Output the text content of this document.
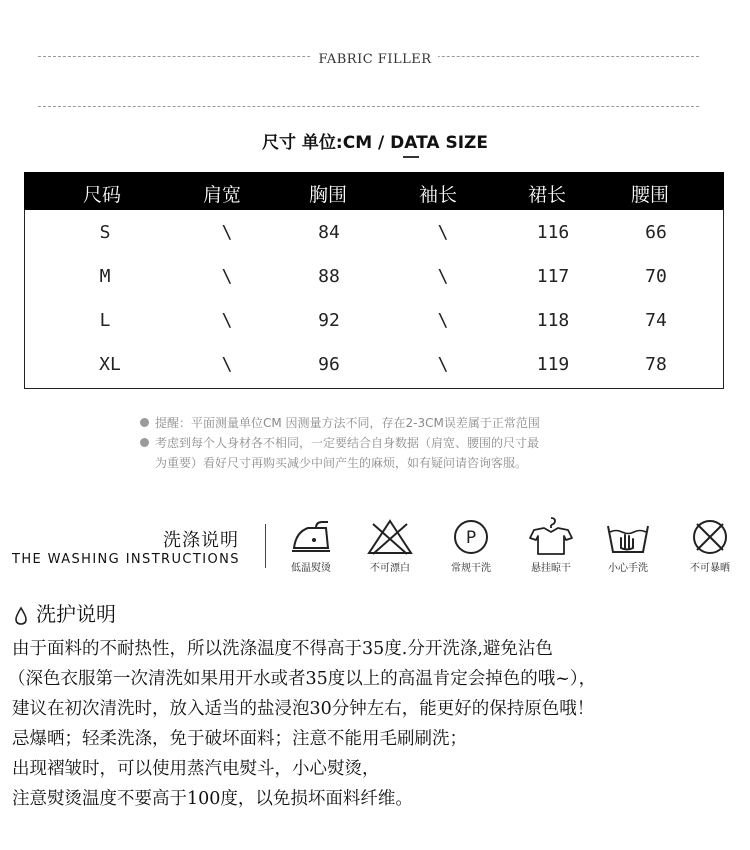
FABRIC FILLER
尺寸 单位:CM / DATA SIZE
尺码	肩宽	胸围	袖长	裙长	腰围
S	\	84	\	116	66
M	\	88	\	117	70
L	\	92	\	118	74
XL	\	96	\	119	78
提醒：平面测量单位CM 因测量方法不同，存在2-3CM误差属于正常范围
考虑到每个人身材各不相同，一定要结合自身数据（肩宽、腰围的尺寸最
为重要）看好尺寸再购买减少中间产生的麻烦，如有疑问请咨询客服。
洗涤说明
THE WASHING INSTRUCTIONS
低温熨烫	不可漂白
P
常规干洗	悬挂晾干	小心手洗	不可暴晒
洗护说明
由于面料的不耐热性，所以洗涤温度不得高于35度.分开洗涤,避免沾色
（深色衣服第一次清洗如果用开水或者35度以上的高温肯定会掉色的哦~），
建议在初次清洗时，放入适当的盐浸泡30分钟左右，能更好的保持原色哦！
忌爆晒；轻柔洗涤，免于破坏面料；注意不能用毛刷刷洗；
出现褶皱时，可以使用蒸汽电熨斗，小心熨烫，
注意熨烫温度不要高于100度，以免损坏面料纤维。
